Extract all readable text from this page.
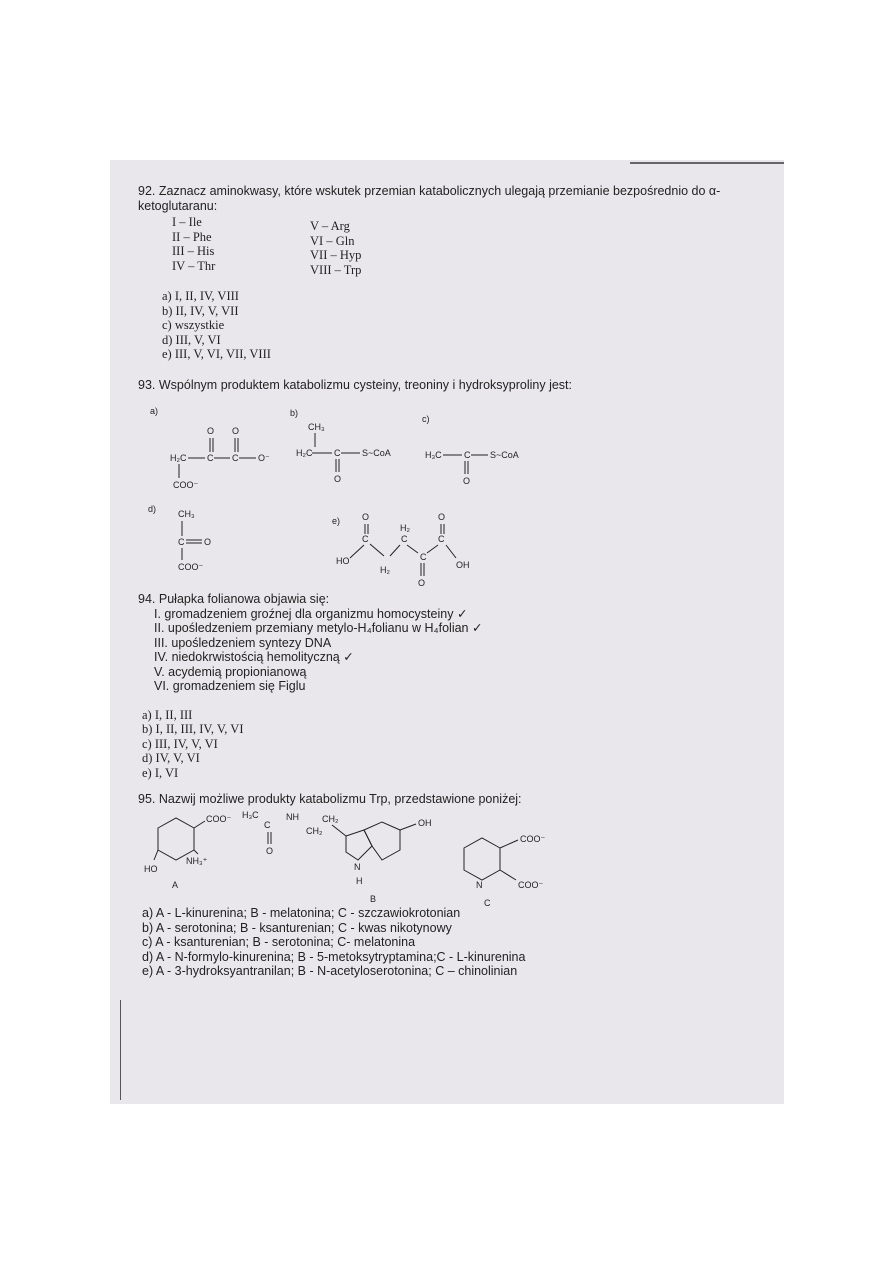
92. Zaznacz aminokwasy, które wskutek przemian katabolicznych ulegają przemianie bezpośrednio do α-ketoglutaranu:
I – Ile
II – Phe
III – His
IV – Thr
V – Arg
VI – Gln
VII – Hyp
VIII – Trp
a) I, II, IV, VIII
b) II, IV, V, VII
c) wszystkie
d) III, V, VI
e) III, V, VI, VII, VIII
93. Wspólnym produktem katabolizmu cysteiny, treoniny i hydroksyproliny jest:
a)	b)
c)
d)
e)
O O
H₂C C C O⁻
COO⁻
CH₃
H₂C C S~CoA
O
H₃C C S~CoA
O
CH₃
C O
COO⁻
O	O
H₂
C	C	C
C
HO	OH
H₂
O
94. Pułapka folianowa objawia się:
I. gromadzeniem groźnej dla organizmu homocysteiny ✓
II. upośledzeniem przemiany metylo-H₄folianu w H₄folian ✓
III. upośledzeniem syntezy DNA
IV. niedokrwistością hemolityczną ✓
V. acydemią propionianową
VI. gromadzeniem się Figlu
a) I, II, III
b) I, II, III, IV, V, VI
c) III, IV, V, VI
d) IV, V, VI
e) I, VI
95. Nazwij możliwe produkty katabolizmu Trp, przedstawione poniżej:
COO⁻
NH₃⁺
HO
A
H₃C
C
NH
CH₂
CH₂
O
OH
N
H
B
COO⁻
N	COO⁻
C
a) A - L-kinurenina; B - melatonina; C - szczawiokrotonian
b) A - serotonina; B - ksanturenian; C - kwas nikotynowy
c) A - ksanturenian; B - serotonina; C- melatonina
d) A - N-formylo-kinurenina; B - 5-metoksytryptamina;C - L-kinurenina
e) A - 3-hydroksyantranilan; B - N-acetyloserotonina; C – chinolinian
